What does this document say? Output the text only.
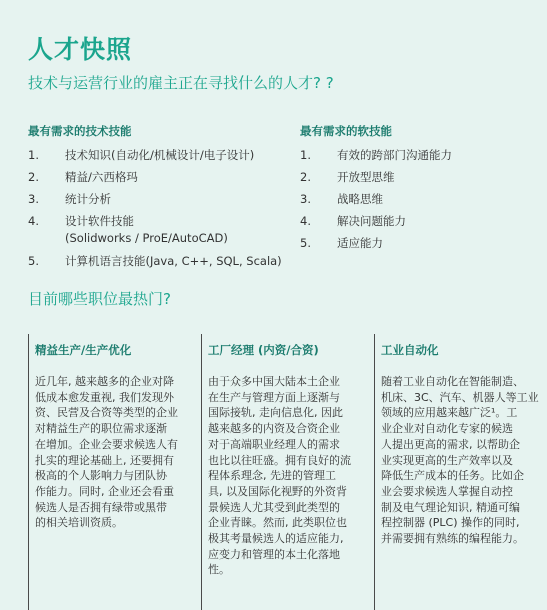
人才快照
技术与运营行业的雇主正在寻找什么的人才? ?
最有需求的技术技能
1. 技术知识(自动化/机械设计/电子设计)
2. 精益/六西格玛
3. 统计分析
4. 设计软件技能
(Solidworks / ProE/AutoCAD)
5. 计算机语言技能(Java, C++, SQL, Scala)
最有需求的软技能
1. 有效的跨部门沟通能力
2. 开放型思维
3. 战略思维
4. 解决问题能力
5. 适应能力
目前哪些职位最热门?
精益生产/生产优化
近几年, 越来越多的企业对降
低成本愈发重视, 我们发现外
资、民营及合资等类型的企业
对精益生产的职位需求逐渐
在增加。企业会要求候选人有
扎实的理论基础上, 还要拥有
极高的个人影响力与团队协
作能力。同时, 企业还会看重
候选人是否拥有绿带或黑带
的相关培训资质。
工厂经理 (内资/合资)
由于众多中国大陆本土企业
在生产与管理方面上逐渐与
国际接轨, 走向信息化, 因此
越来越多的内资及合资企业
对于高端职业经理人的需求
也比以往旺盛。拥有良好的流
程体系理念, 先进的管理工
具, 以及国际化视野的外资背
景候选人尤其受到此类型的
企业青睐。然而, 此类职位也
极其考量候选人的适应能力,
应变力和管理的本土化落地
性。
工业自动化
随着工业自动化在智能制造、
机床、3C、汽车、机器人等工业
领域的应用越来越广泛¹。工
业企业对自动化专家的候选
人提出更高的需求, 以帮助企
业实现更高的生产效率以及
降低生产成本的任务。比如企
业会要求候选人掌握自动控
制及电气理论知识, 精通可编
程控制器 (PLC) 操作的同时,
并需要拥有熟练的编程能力。
